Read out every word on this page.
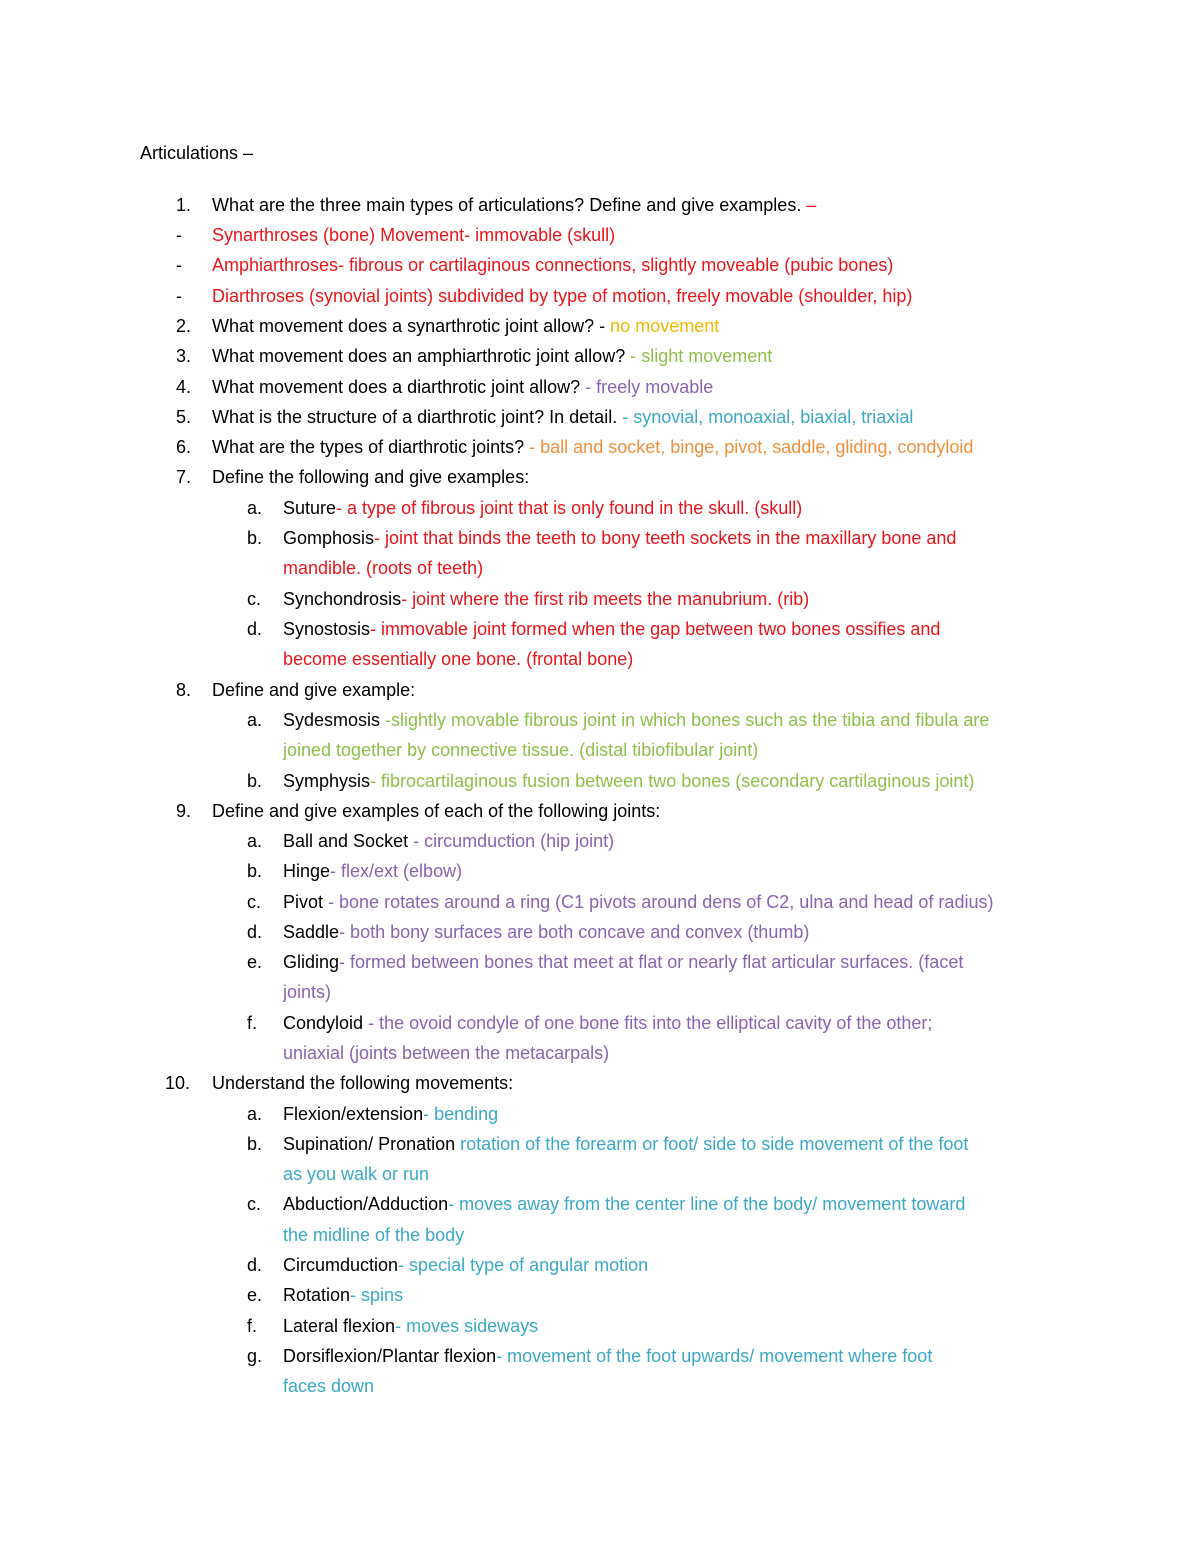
Articulations –
1. What are the three main types of articulations? Define and give examples. –
- Synarthroses (bone) Movement- immovable (skull)
- Amphiarthroses- fibrous or cartilaginous connections, slightly moveable (pubic bones)
- Diarthroses (synovial joints) subdivided by type of motion, freely movable (shoulder, hip)
2. What movement does a synarthrotic joint allow? - no movement
3. What movement does an amphiarthrotic joint allow? - slight movement
4. What movement does a diarthrotic joint allow? - freely movable
5. What is the structure of a diarthrotic joint? In detail. - synovial, monoaxial, biaxial, triaxial
6. What are the types of diarthrotic joints? - ball and socket, binge, pivot, saddle, gliding, condyloid
7. Define the following and give examples:
a. Suture- a type of fibrous joint that is only found in the skull. (skull)
b. Gomphosis- joint that binds the teeth to bony teeth sockets in the maxillary bone and
mandible. (roots of teeth)
c. Synchondrosis- joint where the first rib meets the manubrium. (rib)
d. Synostosis- immovable joint formed when the gap between two bones ossifies and
become essentially one bone. (frontal bone)
8. Define and give example:
a. Sydesmosis -slightly movable fibrous joint in which bones such as the tibia and fibula are
joined together by connective tissue. (distal tibiofibular joint)
b. Symphysis- fibrocartilaginous fusion between two bones (secondary cartilaginous joint)
9. Define and give examples of each of the following joints:
a. Ball and Socket - circumduction (hip joint)
b. Hinge- flex/ext (elbow)
c. Pivot - bone rotates around a ring (C1 pivots around dens of C2, ulna and head of radius)
d. Saddle- both bony surfaces are both concave and convex (thumb)
e. Gliding- formed between bones that meet at flat or nearly flat articular surfaces. (facet
joints)
f. Condyloid - the ovoid condyle of one bone fits into the elliptical cavity of the other;
uniaxial (joints between the metacarpals)
10. Understand the following movements:
a. Flexion/extension- bending
b. Supination/ Pronation rotation of the forearm or foot/ side to side movement of the foot
as you walk or run
c. Abduction/Adduction- moves away from the center line of the body/ movement toward
the midline of the body
d. Circumduction- special type of angular motion
e. Rotation- spins
f. Lateral flexion- moves sideways
g. Dorsiflexion/Plantar flexion- movement of the foot upwards/ movement where foot
faces down
